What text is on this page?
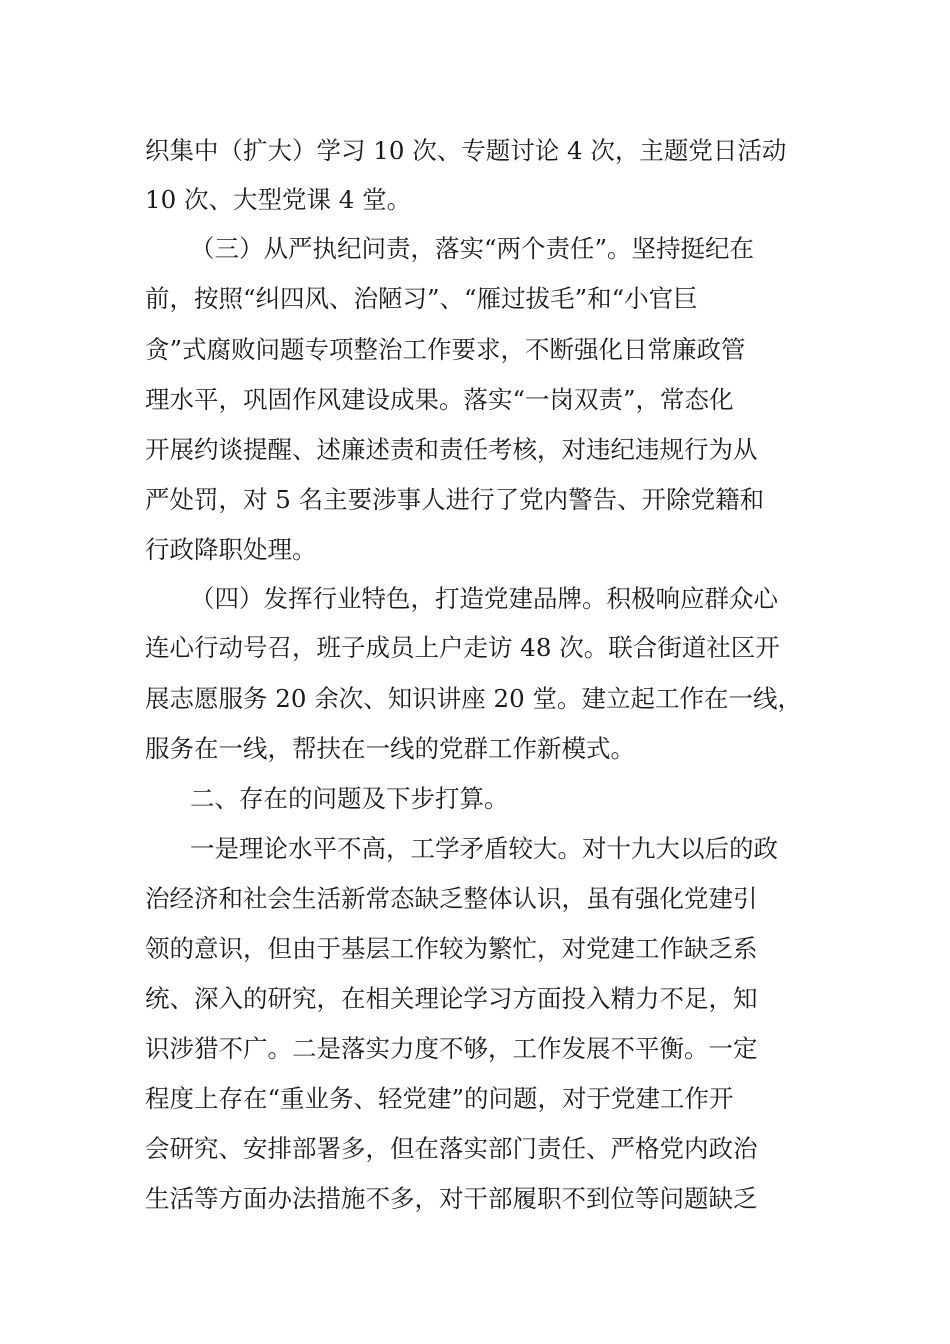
织集中（扩大）学习 10 次、专题讨论 4 次，主题党日活动
10 次、大型党课 4 堂。
（三）从严执纪问责，落实“两个责任”。坚持挺纪在
前，按照“纠四风、治陋习”、“雁过拔毛”和“小官巨
贪”式腐败问题专项整治工作要求，不断强化日常廉政管
理水平，巩固作风建设成果。落实“一岗双责”，常态化
开展约谈提醒、述廉述责和责任考核，对违纪违规行为从
严处罚，对 5 名主要涉事人进行了党内警告、开除党籍和
行政降职处理。
（四）发挥行业特色，打造党建品牌。积极响应群众心
连心行动号召，班子成员上户走访 48 次。联合街道社区开
展志愿服务 20 余次、知识讲座 20 堂。建立起工作在一线，
服务在一线，帮扶在一线的党群工作新模式。
二、存在的问题及下步打算。
一是理论水平不高，工学矛盾较大。对十九大以后的政
治经济和社会生活新常态缺乏整体认识，虽有强化党建引
领的意识，但由于基层工作较为繁忙，对党建工作缺乏系
统、深入的研究，在相关理论学习方面投入精力不足，知
识涉猎不广。二是落实力度不够，工作发展不平衡。一定
程度上存在“重业务、轻党建”的问题，对于党建工作开
会研究、安排部署多，但在落实部门责任、严格党内政治
生活等方面办法措施不多，对干部履职不到位等问题缺乏
